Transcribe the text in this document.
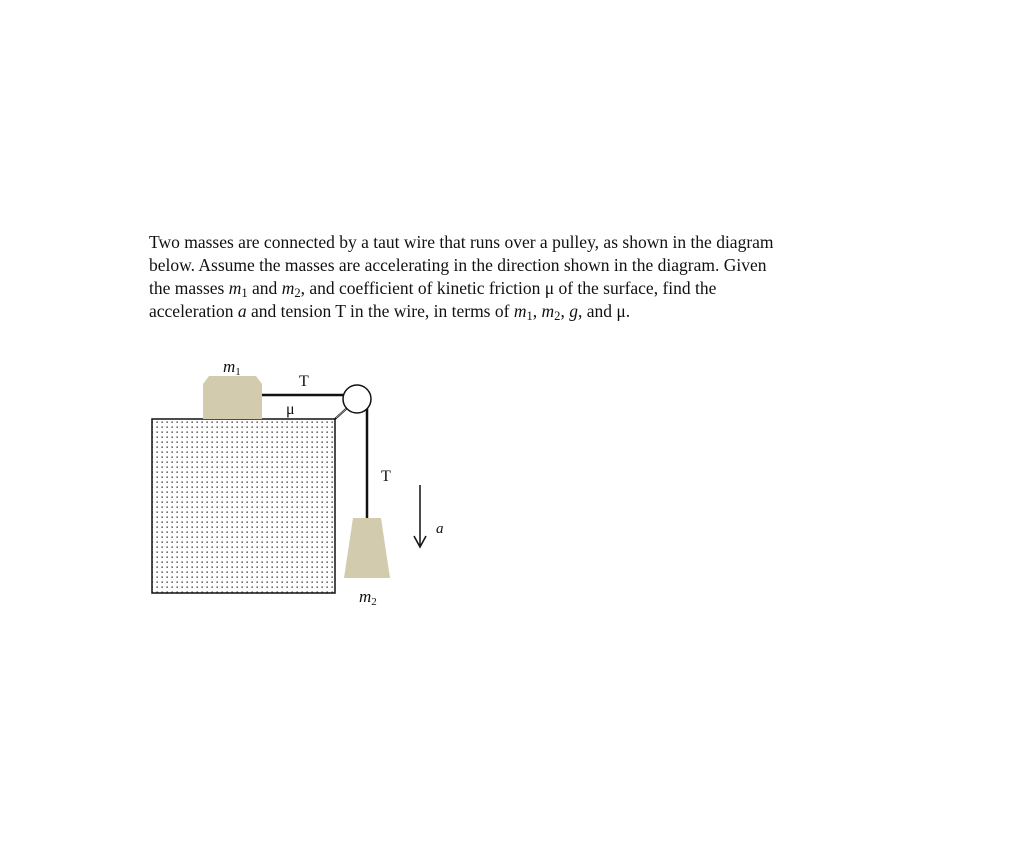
Two masses are connected by a taut wire that runs over a pulley, as shown in the diagram
below. Assume the masses are accelerating in the direction shown in the diagram. Given
the masses $m_1$ and $m_2$, and coefficient of kinetic friction μ of the surface, find the
acceleration a and tension T in the wire, in terms of $m_1$, $m_2$, g, and μ.

m1
T
μ
T
a
m2
